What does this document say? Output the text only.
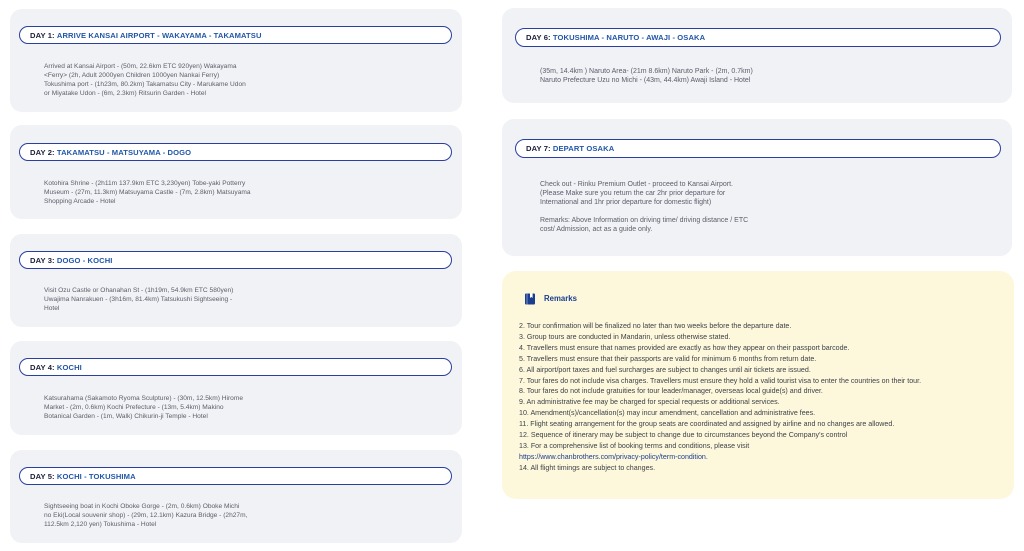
DAY 1:
ARRIVE KANSAI AIRPORT - WAKAYAMA - TAKAMATSU

Arrived at Kansai Airport - (50m, 22.6km ETC 920yen) Wakayama

<Ferry> (2h, Adult 2000yen Children 1000yen Nankai Ferry)

Tokushima port - (1h23m, 80.2km) Takamatsu City - Marukame Udon

or Miyatake Udon - (6m, 2.3km) Ritsurin Garden - Hotel

DAY 2:
TAKAMATSU - MATSUYAMA - DOGO

Kotohira Shrine - (2h11m 137.9km ETC 3,230yen) Tobe-yaki Potterry

Museum - (27m, 11.3km) Matsuyama Castle - (7m, 2.8km) Matsuyama

Shopping Arcade - Hotel

DAY 3:
DOGO - KOCHI

Visit Ozu Castle or Ohanahan St - (1h19m, 54.9km ETC 580yen)

Uwajima Nanrakuen - (3h16m, 81.4km) Tatsukushi Sightseeing -

Hotel

DAY 4:
KOCHI

Katsurahama (Sakamoto Ryoma Sculpture) - (30m, 12.5km) Hirome

Market - (2m, 0.6km) Kochi Prefecture - (13m, 5.4km) Makino

Botanical Garden - (1m, Walk) Chikurin-ji Temple - Hotel

DAY 5:
KOCHI - TOKUSHIMA

Sightseeing boat in Kochi Oboke Gorge - (2m, 0.6km) Oboke Michi

no Eki(Local souvenir shop) - (29m, 12.1km) Kazura Bridge - (2h27m,

112.5km 2,120 yen) Tokushima - Hotel

DAY 6:
TOKUSHIMA - NARUTO - AWAJI - OSAKA

(35m, 14.4km ) Naruto Area- (21m 8.6km) Naruto Park - (2m, 0.7km)

Naruto Prefecture Uzu no Michi - (43m, 44.4km) Awaji Island - Hotel

DAY 7:
DEPART OSAKA

Check out - Rinku Premium Outlet - proceed to Kansai Airport.

(Please Make sure you return the car 2hr prior departure for

International and 1hr prior departure for domestic flight)

Remarks: Above Information on driving time/ driving distance / ETC

cost/ Admission, act as a guide only.

Remarks
2. Tour confirmation will be finalized no later than two weeks before the departure date.
3. Group tours are conducted in Mandarin, unless otherwise stated.
4. Travellers must ensure that names provided are exactly as how they appear on their passport barcode.
5. Travellers must ensure that their passports are valid for minimum 6 months from return date.
6. All airport/port taxes and fuel surcharges are subject to changes until air tickets are issued.
7. Tour fares do not include visa charges. Travellers must ensure they hold a valid tourist visa to enter the countries on their tour.
8. Tour fares do not include gratuities for tour leader/manager, overseas local guide(s) and driver.
9. An administrative fee may be charged for special requests or additional services.
10. Amendment(s)/cancellation(s) may incur amendment, cancellation and administrative fees.
11. Flight seating arrangement for the group seats are coordinated and assigned by airline and no changes are allowed.
12. Sequence of itinerary may be subject to change due to circumstances beyond the Company's control
13. For a comprehensive list of booking terms and conditions, please visit
https://www.chanbrothers.com/privacy-policy/term-condition.
14. All flight timings are subject to changes.
